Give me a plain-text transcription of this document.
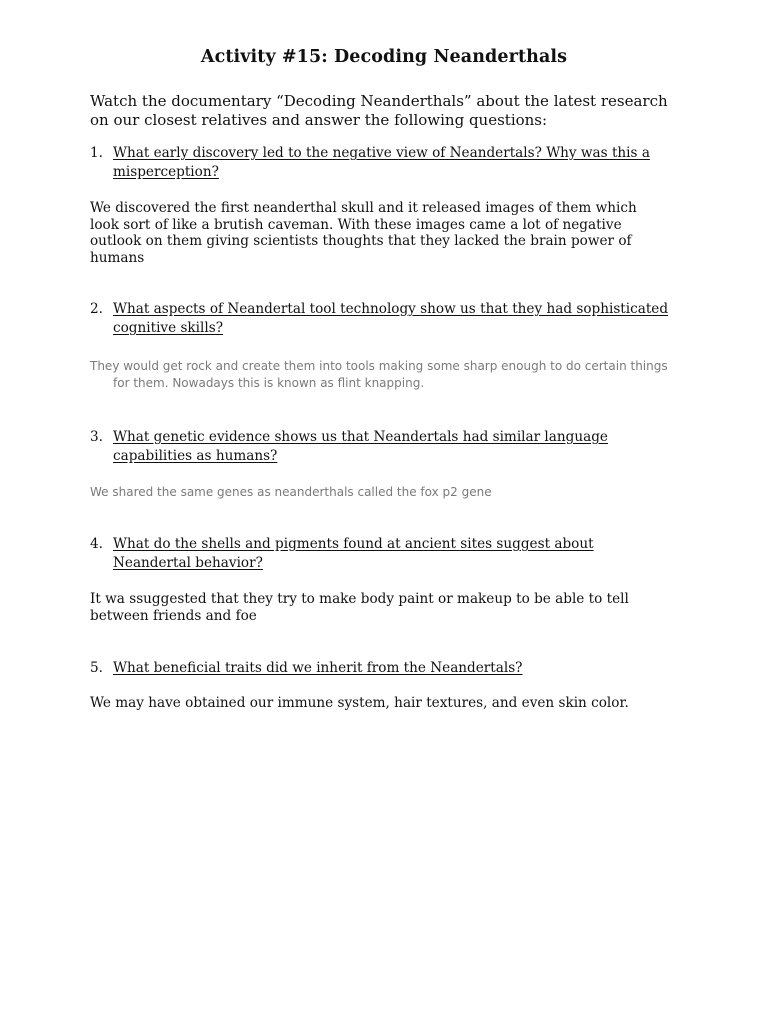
Activity #15: Decoding Neanderthals
Watch the documentary “Decoding Neanderthals” about the latest research on our closest relatives and answer the following questions:
1. What early discovery led to the negative view of Neandertals? Why was this a misperception?
We discovered the first neanderthal skull and it released images of them which look sort of like a brutish caveman. With these images came a lot of negative outlook on them giving scientists thoughts that they lacked the brain power of humans
2. What aspects of Neandertal tool technology show us that they had sophisticated cognitive skills?
They would get rock and create them into tools making some sharp enough to do certain things for them. Nowadays this is known as flint knapping.
3. What genetic evidence shows us that Neandertals had similar language capabilities as humans?
We shared the same genes as neanderthals called the fox p2 gene
4. What do the shells and pigments found at ancient sites suggest about Neandertal behavior?
It wa ssuggested that they try to make body paint or makeup to be able to tell between friends and foe
5. What beneficial traits did we inherit from the Neandertals?
We may have obtained our immune system, hair textures, and even skin color.
